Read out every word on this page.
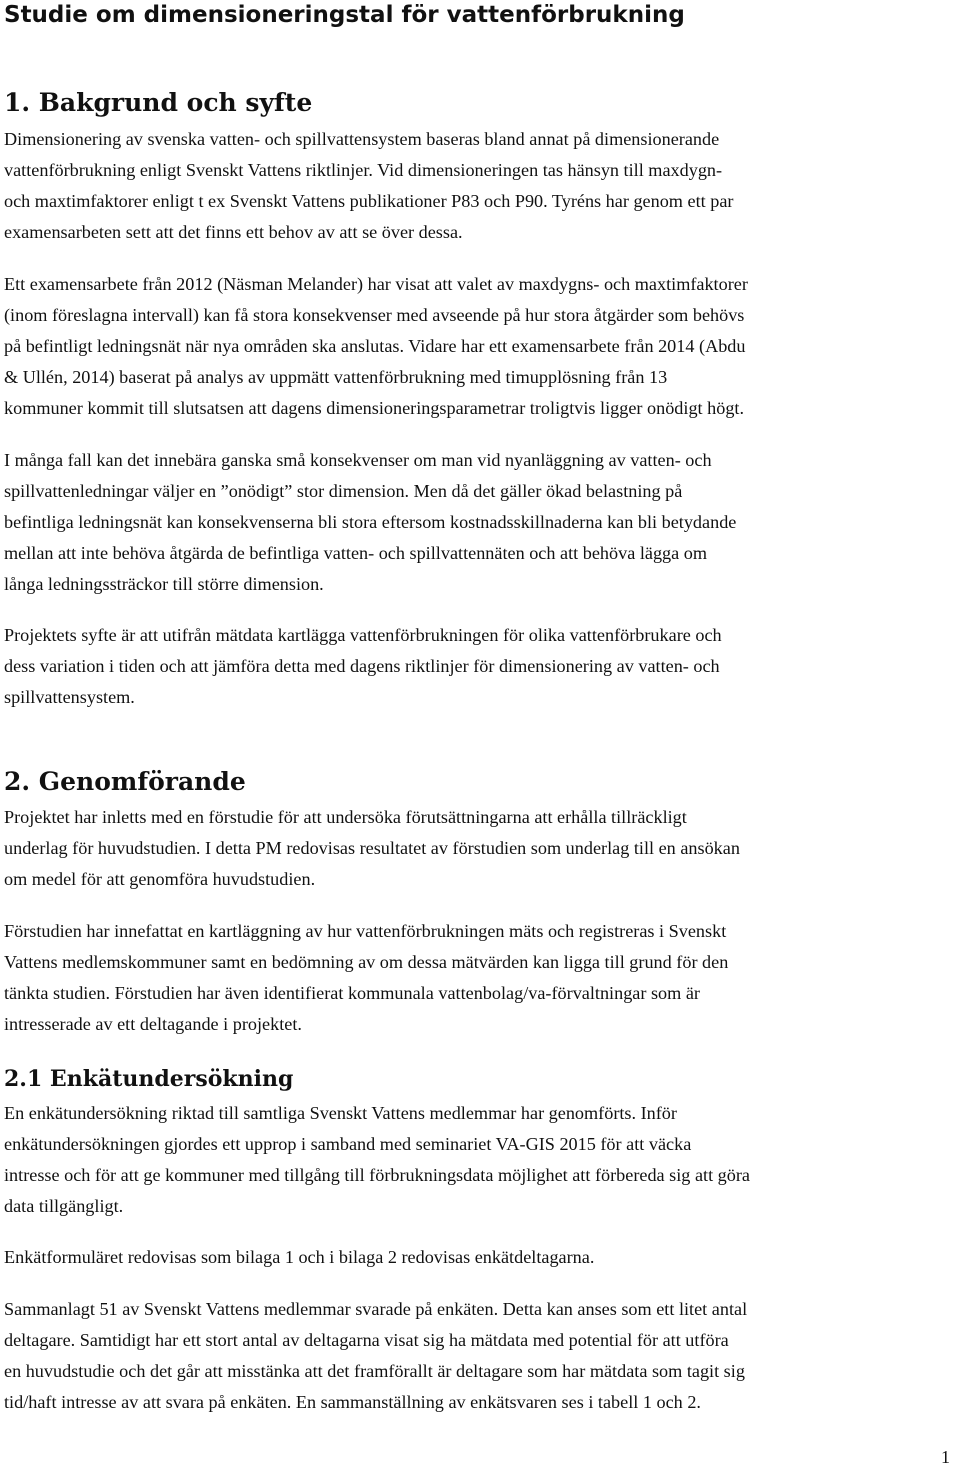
Studie om dimensioneringstal för vattenförbrukning
1. Bakgrund och syfte
Dimensionering av svenska vatten- och spillvattensystem baseras bland annat på dimensionerande
vattenförbrukning enligt Svenskt Vattens riktlinjer. Vid dimensioneringen tas hänsyn till maxdygn-
och maxtimfaktorer enligt t ex Svenskt Vattens publikationer P83 och P90. Tyréns har genom ett par
examensarbeten sett att det finns ett behov av att se över dessa.
Ett examensarbete från 2012 (Näsman Melander) har visat att valet av maxdygns- och maxtimfaktorer
(inom föreslagna intervall) kan få stora konsekvenser med avseende på hur stora åtgärder som behövs
på befintligt ledningsnät när nya områden ska anslutas. Vidare har ett examensarbete från 2014 (Abdu
& Ullén, 2014) baserat på analys av uppmätt vattenförbrukning med timupplösning från 13
kommuner kommit till slutsatsen att dagens dimensioneringsparametrar troligtvis ligger onödigt högt.
I många fall kan det innebära ganska små konsekvenser om man vid nyanläggning av vatten- och
spillvattenledningar väljer en ”onödigt” stor dimension. Men då det gäller ökad belastning på
befintliga ledningsnät kan konsekvenserna bli stora eftersom kostnadsskillnaderna kan bli betydande
mellan att inte behöva åtgärda de befintliga vatten- och spillvattennäten och att behöva lägga om
långa ledningssträckor till större dimension.
Projektets syfte är att utifrån mätdata kartlägga vattenförbrukningen för olika vattenförbrukare och
dess variation i tiden och att jämföra detta med dagens riktlinjer för dimensionering av vatten- och
spillvattensystem.
2. Genomförande
Projektet har inletts med en förstudie för att undersöka förutsättningarna att erhålla tillräckligt
underlag för huvudstudien. I detta PM redovisas resultatet av förstudien som underlag till en ansökan
om medel för att genomföra huvudstudien.
Förstudien har innefattat en kartläggning av hur vattenförbrukningen mäts och registreras i Svenskt
Vattens medlemskommuner samt en bedömning av om dessa mätvärden kan ligga till grund för den
tänkta studien. Förstudien har även identifierat kommunala vattenbolag/va-förvaltningar som är
intresserade av ett deltagande i projektet.
2.1 Enkätundersökning
En enkätundersökning riktad till samtliga Svenskt Vattens medlemmar har genomförts. Inför
enkätundersökningen gjordes ett upprop i samband med seminariet VA-GIS 2015 för att väcka
intresse och för att ge kommuner med tillgång till förbrukningsdata möjlighet att förbereda sig att göra
data tillgängligt.
Enkätformuläret redovisas som bilaga 1 och i bilaga 2 redovisas enkätdeltagarna.
Sammanlagt 51 av Svenskt Vattens medlemmar svarade på enkäten. Detta kan anses som ett litet antal
deltagare. Samtidigt har ett stort antal av deltagarna visat sig ha mätdata med potential för att utföra
en huvudstudie och det går att misstänka att det framförallt är deltagare som har mätdata som tagit sig
tid/haft intresse av att svara på enkäten. En sammanställning av enkätsvaren ses i tabell 1 och 2.
1
